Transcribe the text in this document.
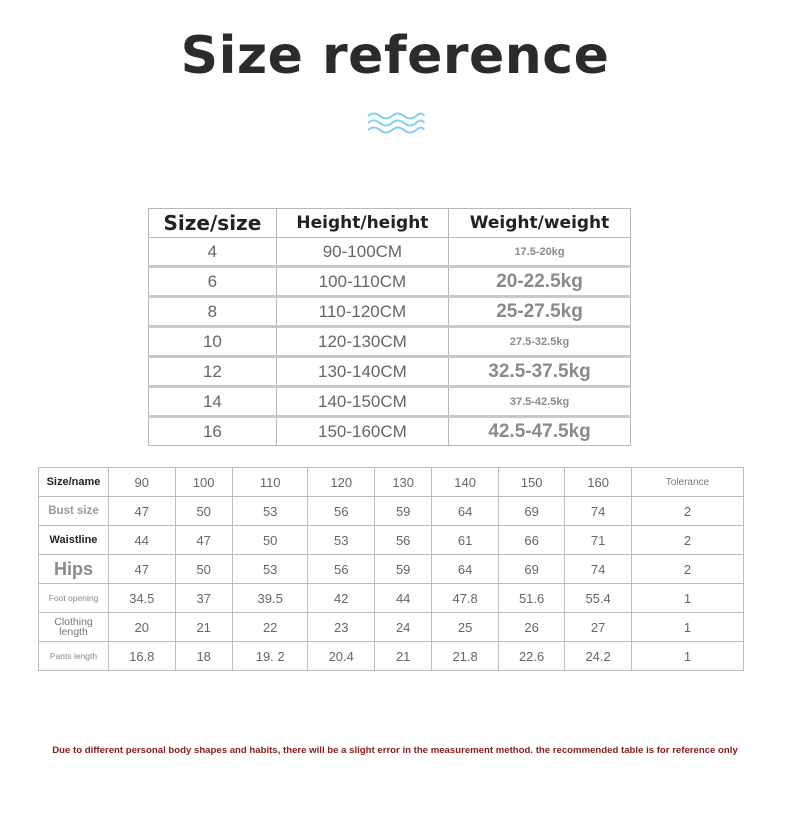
Size reference
Size/size	Height/height	Weight/weight
4	90-100CM	17.5-20kg
6	100-110CM	20-22.5kg
8	110-120CM	25-27.5kg
10	120-130CM	27.5-32.5kg
12	130-140CM	32.5-37.5kg
14	140-150CM	37.5-42.5kg
16	150-160CM	42.5-47.5kg
Size/name	90	100	110	120	130	140	150	160	Tolerance
Bust size	47	50	53	56	59	64	69	74	2
Waistline	44	47	50	53	56	61	66	71	2
Hips	47	50	53	56	59	64	69	74	2
Foot opening	34.5	37	39.5	42	44	47.8	51.6	55.4	1
Clothing length	20	21	22	23	24	25	26	27	1
Pants length	16.8	18	19. 2	20.4	21	21.8	22.6	24.2	1
Due to different personal body shapes and habits, there will be a slight error in the measurement method. the recommended table is for reference only
